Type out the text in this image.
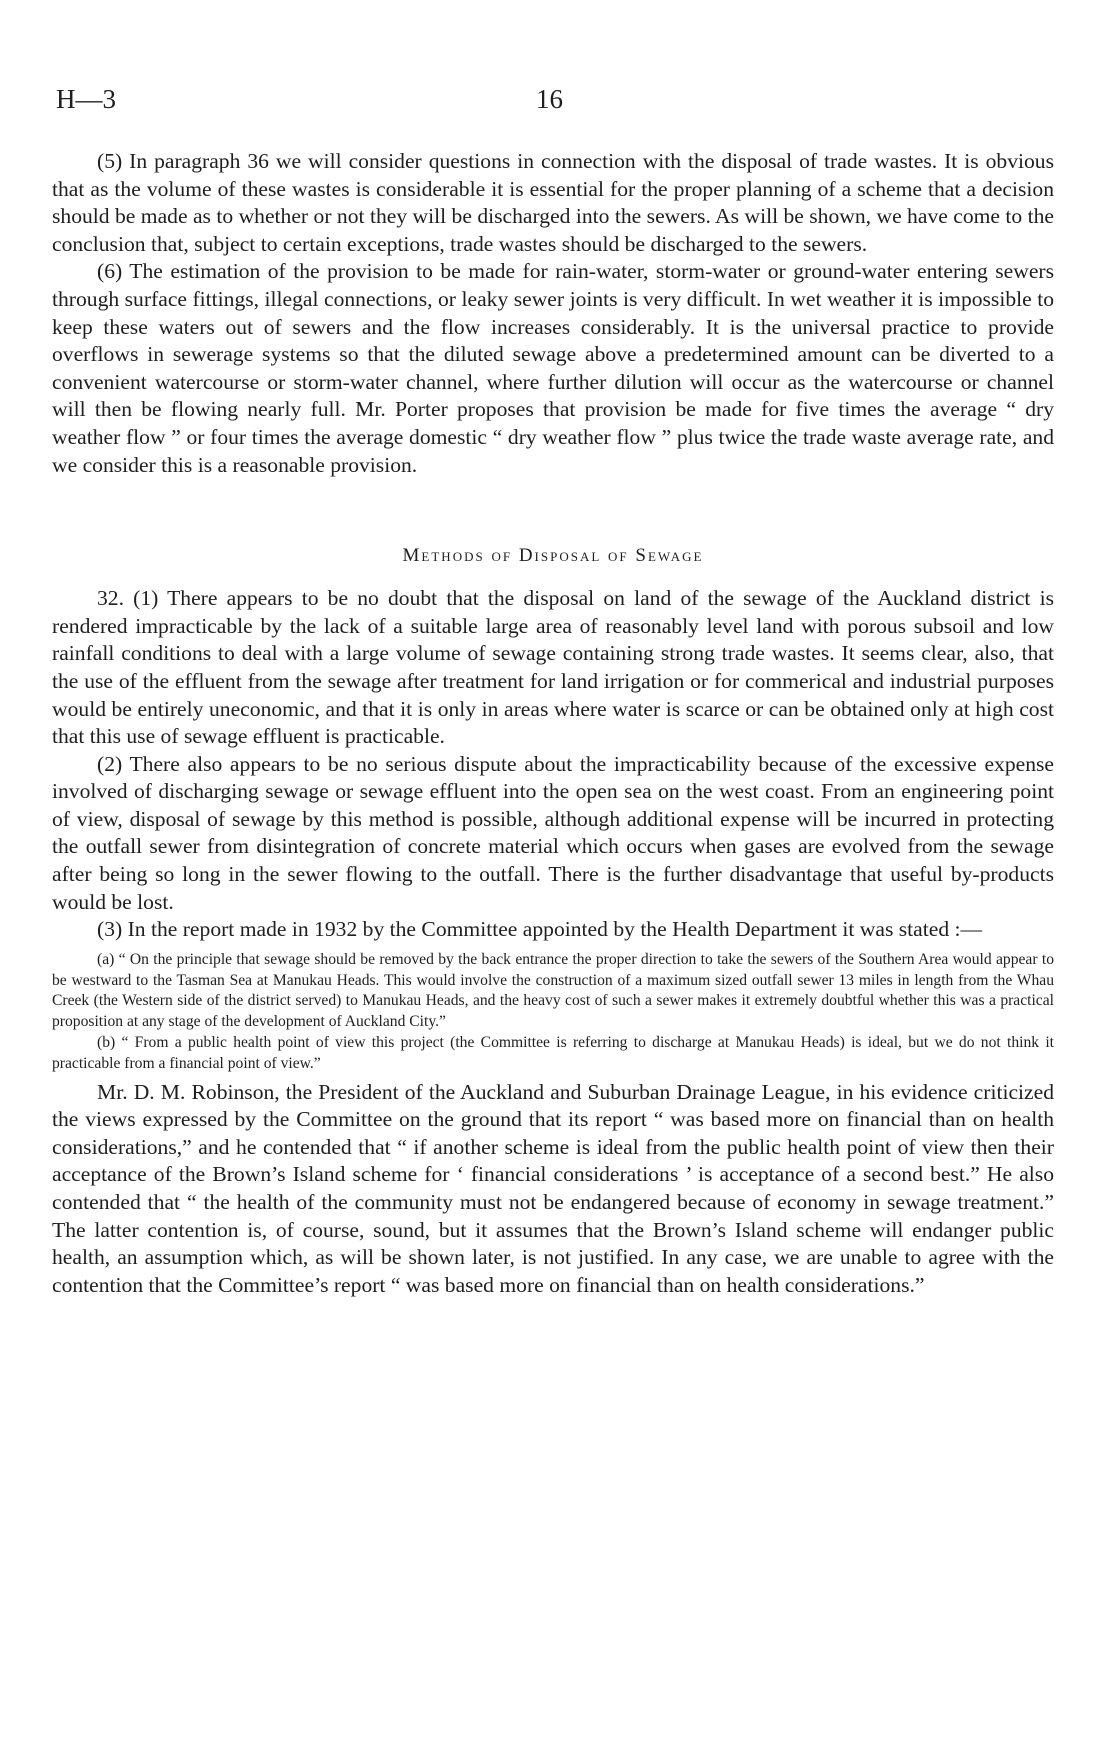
H—3	16

(5) In paragraph 36 we will consider questions in connection with the disposal of trade wastes. It is obvious that as the volume of these wastes is considerable it is essential for the proper planning of a scheme that a decision should be made as to whether or not they will be discharged into the sewers. As will be shown, we have come to the conclusion that, subject to certain exceptions, trade wastes should be discharged to the sewers.

(6) The estimation of the provision to be made for rain-water, storm-water or ground-water entering sewers through surface fittings, illegal connections, or leaky sewer joints is very difficult. In wet weather it is impossible to keep these waters out of sewers and the flow increases considerably. It is the universal practice to provide overflows in sewerage systems so that the diluted sewage above a predetermined amount can be diverted to a convenient watercourse or storm-water channel, where further dilution will occur as the watercourse or channel will then be flowing nearly full. Mr. Porter proposes that provision be made for five times the average “ dry weather flow ” or four times the average domestic “ dry weather flow ” plus twice the trade waste average rate, and we consider this is a reasonable provision.

Methods of Disposal of Sewage

32. (1) There appears to be no doubt that the disposal on land of the sewage of the Auckland district is rendered impracticable by the lack of a suitable large area of reasonably level land with porous subsoil and low rainfall conditions to deal with a large volume of sewage containing strong trade wastes. It seems clear, also, that the use of the effluent from the sewage after treatment for land irrigation or for commerical and industrial purposes would be entirely uneconomic, and that it is only in areas where water is scarce or can be obtained only at high cost that this use of sewage effluent is practicable.

(2) There also appears to be no serious dispute about the impracticability because of the excessive expense involved of discharging sewage or sewage effluent into the open sea on the west coast. From an engineering point of view, disposal of sewage by this method is possible, although additional expense will be incurred in protecting the outfall sewer from disintegration of concrete material which occurs when gases are evolved from the sewage after being so long in the sewer flowing to the outfall. There is the further disadvantage that useful by-products would be lost.

(3) In the report made in 1932 by the Committee appointed by the Health Department it was stated :—

(a) “ On the principle that sewage should be removed by the back entrance the proper direction to take the sewers of the Southern Area would appear to be westward to the Tasman Sea at Manukau Heads. This would involve the construction of a maximum sized outfall sewer 13 miles in length from the Whau Creek (the Western side of the district served) to Manukau Heads, and the heavy cost of such a sewer makes it extremely doubtful whether this was a practical proposition at any stage of the development of Auckland City.”

(b) “ From a public health point of view this project (the Committee is referring to discharge at Manukau Heads) is ideal, but we do not think it practicable from a financial point of view.”

Mr. D. M. Robinson, the President of the Auckland and Suburban Drainage League, in his evidence criticized the views expressed by the Committee on the ground that its report “ was based more on financial than on health considerations,” and he contended that “ if another scheme is ideal from the public health point of view then their acceptance of the Brown’s Island scheme for ‘ financial considerations ’ is acceptance of a second best.” He also contended that “ the health of the community must not be endangered because of economy in sewage treatment.” The latter contention is, of course, sound, but it assumes that the Brown’s Island scheme will endanger public health, an assumption which, as will be shown later, is not justified. In any case, we are unable to agree with the contention that the Committee’s report “ was based more on financial than on health considerations.”
